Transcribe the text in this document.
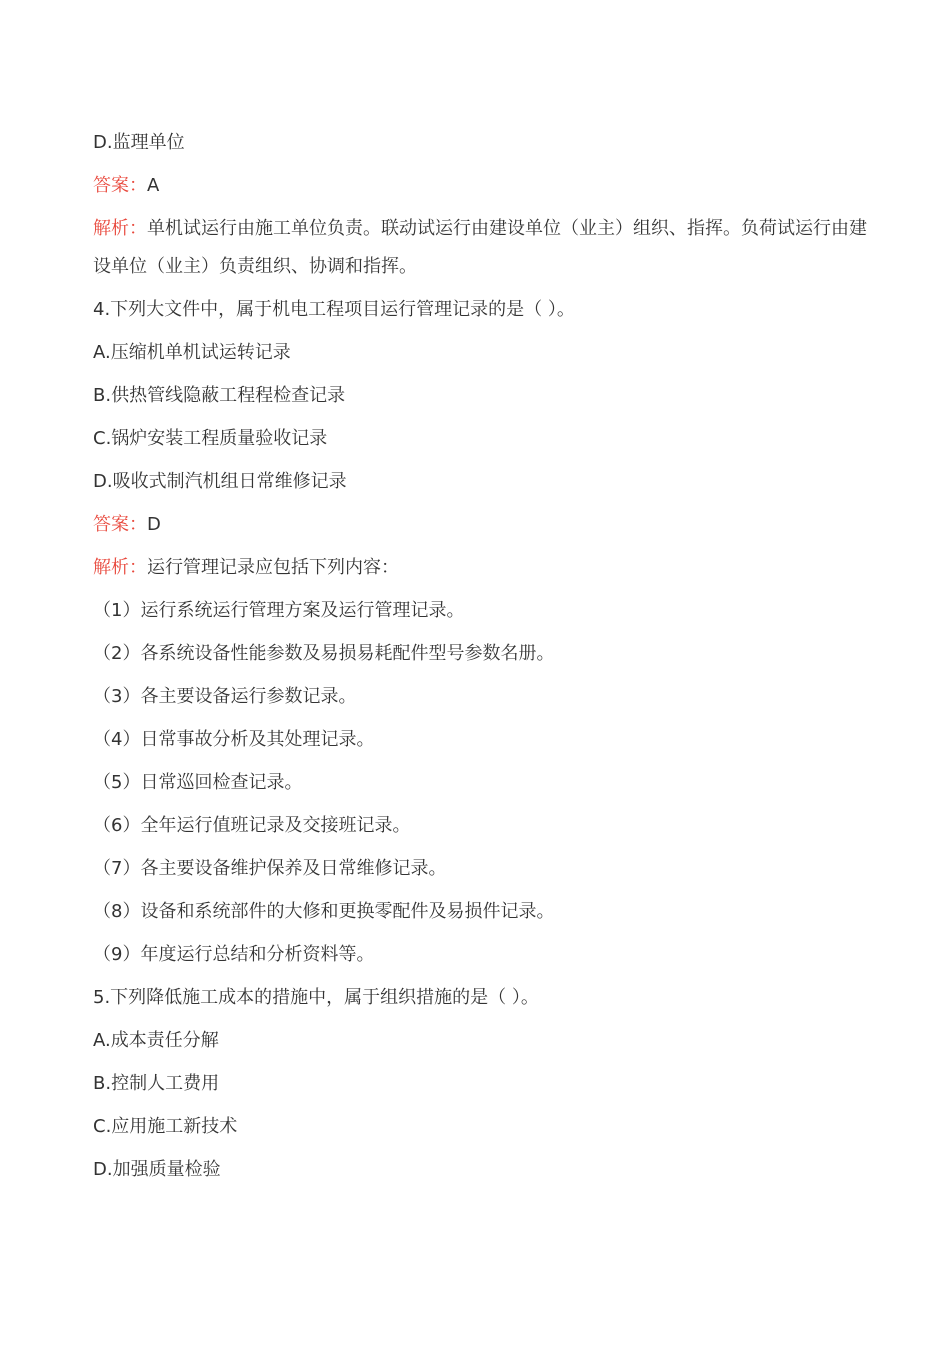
D.监理单位
答案：A
解析：单机试运行由施工单位负责。联动试运行由建设单位（业主）组织、指挥。负荷试运行由建设单位（业主）负责组织、协调和指挥。
4.下列大文件中，属于机电工程项目运行管理记录的是（ ）。
A.压缩机单机试运转记录
B.供热管线隐蔽工程程检查记录
C.锅炉安装工程质量验收记录
D.吸收式制汽机组日常维修记录
答案：D
解析：运行管理记录应包括下列内容：
（1）运行系统运行管理方案及运行管理记录。
（2）各系统设备性能参数及易损易耗配件型号参数名册。
（3）各主要设备运行参数记录。
（4）日常事故分析及其处理记录。
（5）日常巡回检查记录。
（6）全年运行值班记录及交接班记录。
（7）各主要设备维护保养及日常维修记录。
（8）设备和系统部件的大修和更换零配件及易损件记录。
（9）年度运行总结和分析资料等。
5.下列降低施工成本的措施中，属于组织措施的是（ ）。
A.成本责任分解
B.控制人工费用
C.应用施工新技术
D.加强质量检验
